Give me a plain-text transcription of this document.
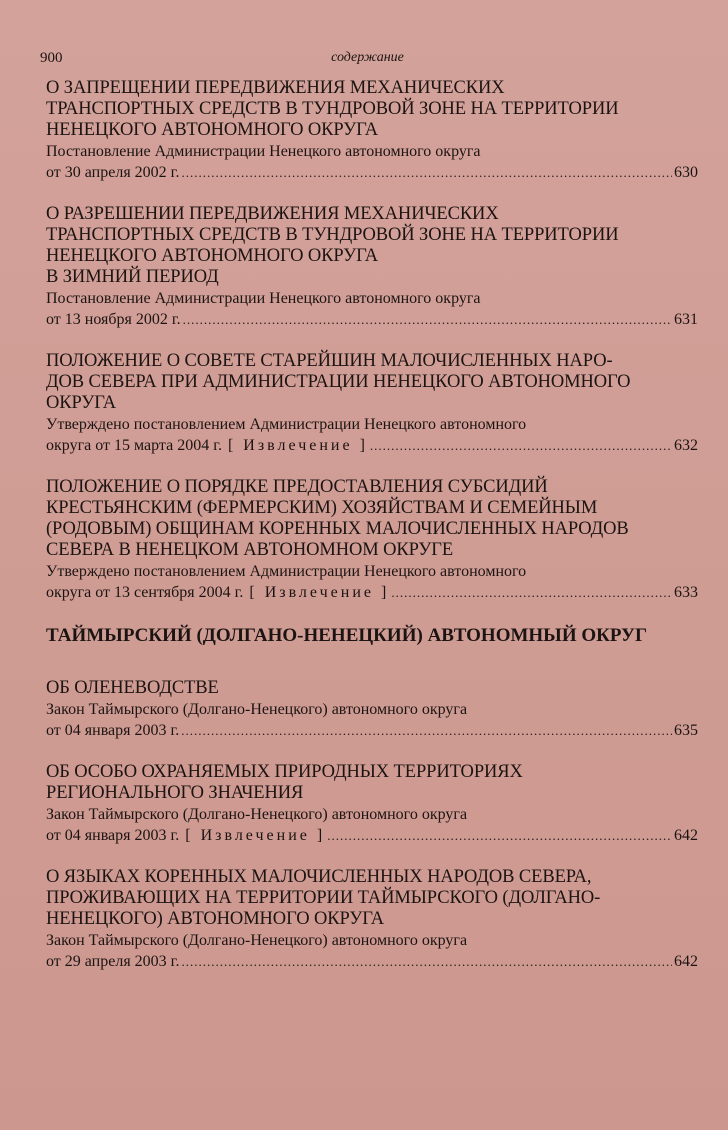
900	содержание
О ЗАПРЕЩЕНИИ ПЕРЕДВИЖЕНИЯ МЕХАНИЧЕСКИХ
ТРАНСПОРТНЫХ СРЕДСТВ В ТУНДРОВОЙ ЗОНЕ НА ТЕРРИТОРИИ
НЕНЕЦКОГО АВТОНОМНОГО ОКРУГА
Постановление Администрации Ненецкого автономного округа
от 30 апреля 2002 г. .....	630
О РАЗРЕШЕНИИ ПЕРЕДВИЖЕНИЯ МЕХАНИЧЕСКИХ
ТРАНСПОРТНЫХ СРЕДСТВ В ТУНДРОВОЙ ЗОНЕ НА ТЕРРИТОРИИ
НЕНЕЦКОГО АВТОНОМНОГО ОКРУГА
В ЗИМНИЙ ПЕРИОД
Постановление Администрации Ненецкого автономного округа
от 13 ноября 2002 г. .....	631
ПОЛОЖЕНИЕ О СОВЕТЕ СТАРЕЙШИН МАЛОЧИСЛЕННЫХ НАРО-
ДОВ СЕВЕРА ПРИ АДМИНИСТРАЦИИ НЕНЕЦКОГО АВТОНОМНОГО
ОКРУГА
Утверждено постановлением Администрации Ненецкого автономного
округа от 15 марта 2004 г. [ Извлечение ] .....	632
ПОЛОЖЕНИЕ О ПОРЯДКЕ ПРЕДОСТАВЛЕНИЯ СУБСИДИЙ
КРЕСТЬЯНСКИМ (ФЕРМЕРСКИМ) ХОЗЯЙСТВАМ И СЕМЕЙНЫМ
(РОДОВЫМ) ОБЩИНАМ КОРЕННЫХ МАЛОЧИСЛЕННЫХ НАРОДОВ
СЕВЕРА В НЕНЕЦКОМ АВТОНОМНОМ ОКРУГЕ
Утверждено постановлением Администрации Ненецкого автономного
округа от 13 сентября 2004 г. [ Извлечение ] .....	633
ТАЙМЫРСКИЙ (ДОЛГАНО-НЕНЕЦКИЙ) АВТОНОМНЫЙ ОКРУГ
ОБ ОЛЕНЕВОДСТВЕ
Закон Таймырского (Долгано-Ненецкого) автономного округа
от 04 января 2003 г. .....	635
ОБ ОСОБО ОХРАНЯЕМЫХ ПРИРОДНЫХ ТЕРРИТОРИЯХ
РЕГИОНАЛЬНОГО ЗНАЧЕНИЯ
Закон Таймырского (Долгано-Ненецкого) автономного округа
от 04 января 2003 г. [ Извлечение ] .....	642
О ЯЗЫКАХ КОРЕННЫХ МАЛОЧИСЛЕННЫХ НАРОДОВ СЕВЕРА,
ПРОЖИВАЮЩИХ НА ТЕРРИТОРИИ ТАЙМЫРСКОГО (ДОЛГАНО-
НЕНЕЦКОГО) АВТОНОМНОГО ОКРУГА
Закон Таймырского (Долгано-Ненецкого) автономного округа
от 29 апреля 2003 г. .....	642
